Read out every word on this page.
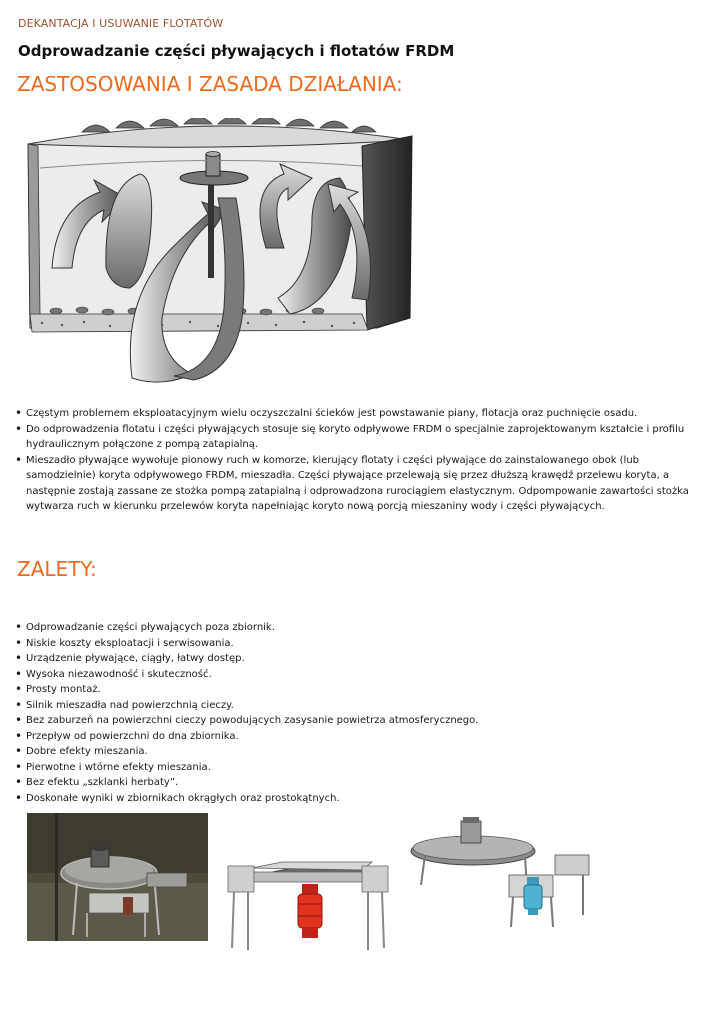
DEKANTACJA I USUWANIE FLOTATÓW
Odprowadzanie części pływających i flotatów FRDM
ZASTOSOWANIA I ZASADA DZIAŁANIA:
• Częstym problemem eksploatacyjnym wielu oczyszczalni ścieków jest powstawanie piany, flotacja oraz puchnięcie osadu.
• Do odprowadzenia flotatu i części pływających stosuje się koryto odpływowe FRDM o specjalnie zaprojektowanym kształcie i profilu hydraulicznym połączone z pompą zatapialną.
• Mieszadło pływające wywołuje pionowy ruch w komorze, kierujący flotaty i części pływające do zainstalowanego obok (lub samodzielnie) koryta odpływowego FRDM, mieszadła. Części pływające przelewają się przez dłuższą krawędź przelewu koryta, a następnie zostają zassane ze stożka pompą zatapialną i odprowadzona rurociągiem elastycznym. Odpompowanie zawartości stożka wytwarza ruch w kierunku przelewów koryta napełniając koryto nową porcją mieszaniny wody i części pływających.
ZALETY:
• Odprowadzanie części pływających poza zbiornik.
• Niskie koszty eksploatacji i serwisowania.
• Urządzenie pływające, ciągły, łatwy dostęp.
• Wysoka niezawodność i skuteczność.
• Prosty montaż.
• Silnik mieszadła nad powierzchnią cieczy.
• Bez zaburzeń na powierzchni cieczy powodujących zasysanie powietrza atmosferycznego.
• Przepływ od powierzchni do dna zbiornika.
• Dobre efekty mieszania.
• Pierwotne i wtórne efekty mieszania.
• Bez efektu „szklanki herbaty”.
• Doskonałe wyniki w zbiornikach okrągłych oraz prostokątnych.
